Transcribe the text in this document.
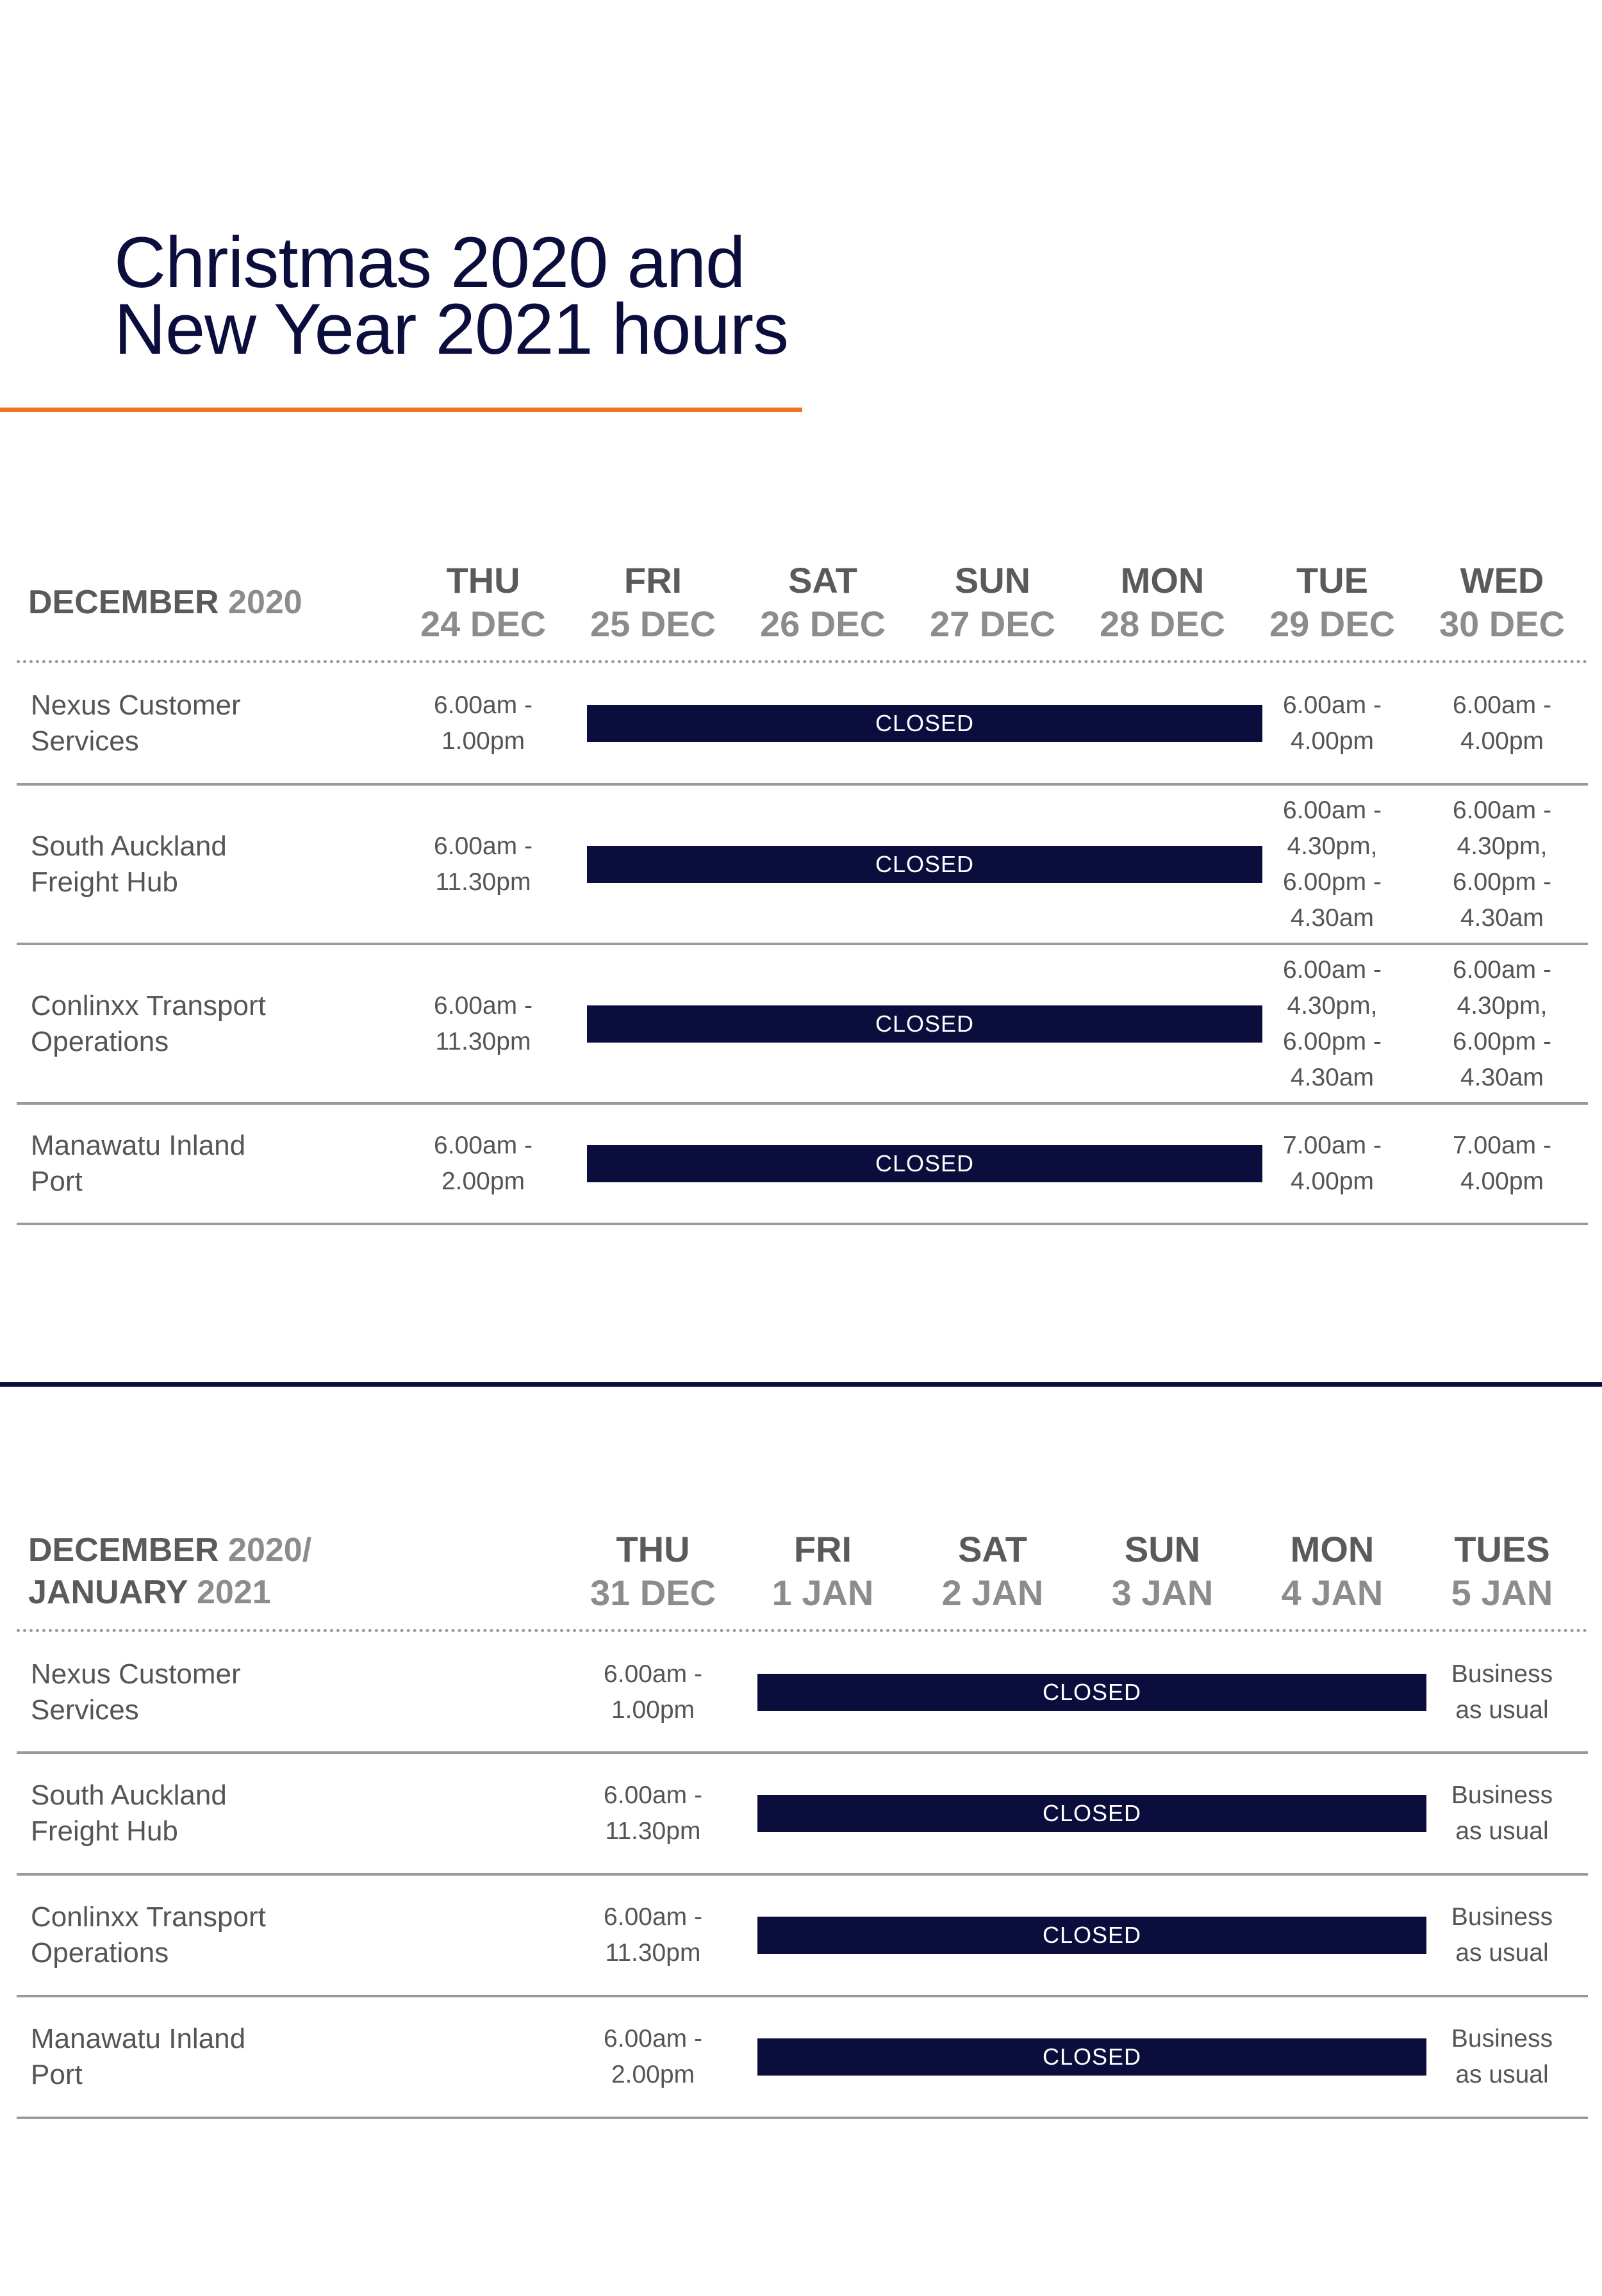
Christmas 2020 and
New Year 2021 hours
DECEMBER 2020
THU
24 DEC
FRI
25 DEC
SAT
26 DEC
SUN
27 DEC
MON
28 DEC
TUE
29 DEC
WED
30 DEC
Nexus Customer
Services
6.00am -
1.00pm
CLOSED
6.00am -
4.00pm
6.00am -
4.00pm
South Auckland
Freight Hub
6.00am -
11.30pm
CLOSED
6.00am -
4.30pm,
6.00pm -
4.30am
6.00am -
4.30pm,
6.00pm -
4.30am
Conlinxx Transport
Operations
6.00am -
11.30pm
CLOSED
6.00am -
4.30pm,
6.00pm -
4.30am
6.00am -
4.30pm,
6.00pm -
4.30am
Manawatu Inland
Port
6.00am -
2.00pm
CLOSED
7.00am -
4.00pm
7.00am -
4.00pm
DECEMBER 2020/
JANUARY 2021
THU
31 DEC
FRI
1 JAN
SAT
2 JAN
SUN
3 JAN
MON
4 JAN
TUES
5 JAN
Nexus Customer
Services
6.00am -
1.00pm
CLOSED
Business
as usual
South Auckland
Freight Hub
6.00am -
11.30pm
CLOSED
Business
as usual
Conlinxx Transport
Operations
6.00am -
11.30pm
CLOSED
Business
as usual
Manawatu Inland
Port
6.00am -
2.00pm
CLOSED
Business
as usual
